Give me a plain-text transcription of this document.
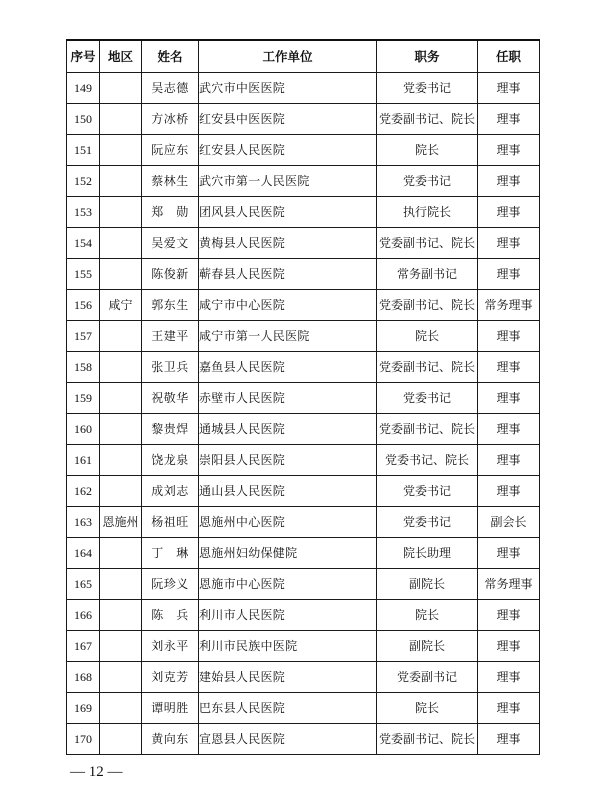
序号	地区	姓名	工作单位	职务	任职
149		吴志德	武穴市中医医院	党委书记	理事
150		方冰桥	红安县中医医院	党委副书记、院长	理事
151		阮应东	红安县人民医院	院长	理事
152		蔡林生	武穴市第一人民医院	党委书记	理事
153		郑　勋	团风县人民医院	执行院长	理事
154		吴爱文	黄梅县人民医院	党委副书记、院长	理事
155		陈俊新	蕲春县人民医院	常务副书记	理事
156	咸宁	郭东生	咸宁市中心医院	党委副书记、院长	常务理事
157		王建平	咸宁市第一人民医院	院长	理事
158		张卫兵	嘉鱼县人民医院	党委副书记、院长	理事
159		祝敬华	赤壁市人民医院	党委书记	理事
160		黎贵焊	通城县人民医院	党委副书记、院长	理事
161		饶龙泉	崇阳县人民医院	党委书记、院长	理事
162		成刘志	通山县人民医院	党委书记	理事
163	恩施州	杨祖旺	恩施州中心医院	党委书记	副会长
164		丁　琳	恩施州妇幼保健院	院长助理	理事
165		阮珍义	恩施市中心医院	副院长	常务理事
166		陈　兵	利川市人民医院	院长	理事
167		刘永平	利川市民族中医院	副院长	理事
168		刘克芳	建始县人民医院	党委副书记	理事
169		谭明胜	巴东县人民医院	院长	理事
170		黄向东	宣恩县人民医院	党委副书记、院长	理事
— 12 —
